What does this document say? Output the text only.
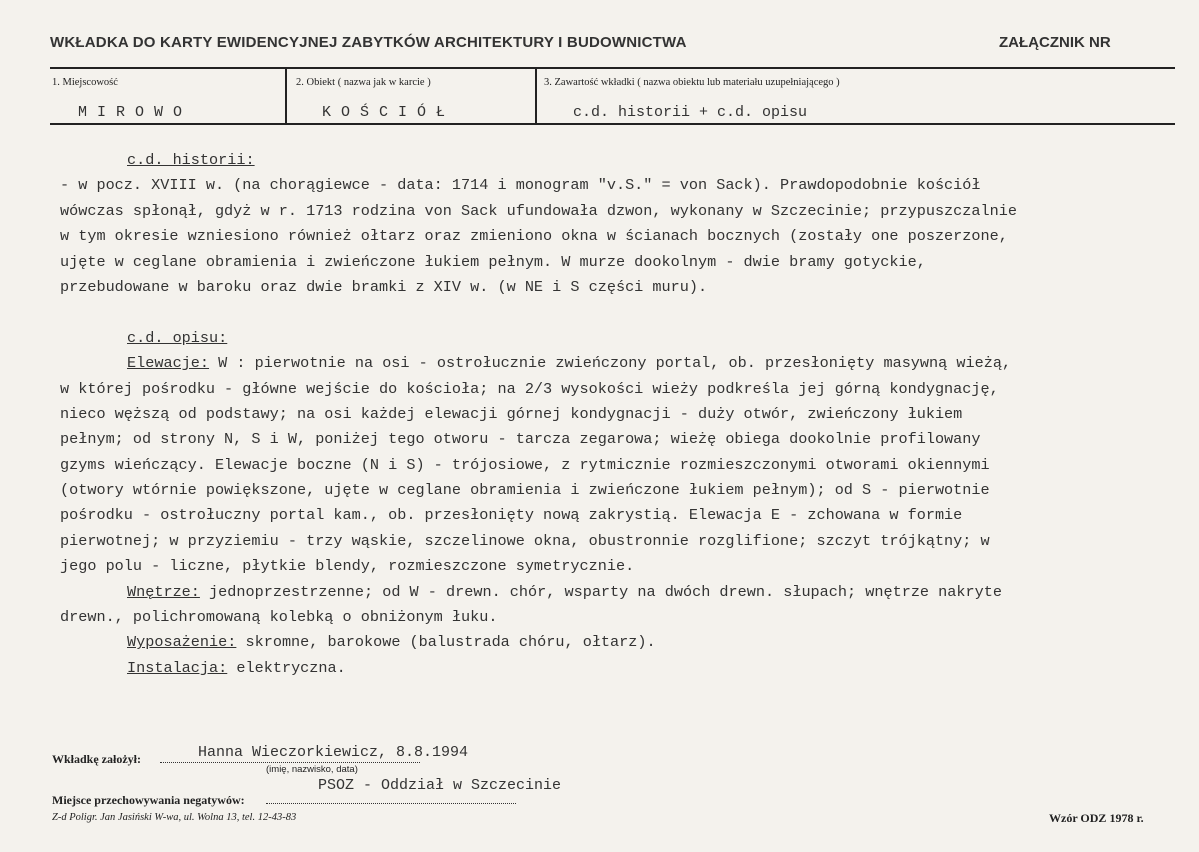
WKŁADKA DO KARTY EWIDENCYJNEJ ZABYTKÓW ARCHITEKTURY I BUDOWNICTWA	ZAŁĄCZNIK NR
1. Miejscowość	2. Obiekt ( nazwa jak w karcie )	3. Zawartość wkładki ( nazwa obiektu lub materiału uzupełniającego )
MIROWO	KOŚCIÓŁ	c.d. historii + c.d. opisu
c.d. historii:
- w pocz. XVIII w. (na chorągiewce - data: 1714 i monogram "v.S." = von Sack). Prawdopodobnie kościół
wówczas spłonął, gdyż w r. 1713 rodzina von Sack ufundowała dzwon, wykonany w Szczecinie; przypuszczalnie
w tym okresie wzniesiono również ołtarz oraz zmieniono okna w ścianach bocznych (zostały one poszerzone,
ujęte w ceglane obramienia i zwieńczone łukiem pełnym. W murze dookolnym - dwie bramy gotyckie,
przebudowane w baroku oraz dwie bramki z XIV w. (w NE i S części muru).
c.d. opisu:
Elewacje: W : pierwotnie na osi - ostrołucznie zwieńczony portal, ob. przesłonięty masywną wieżą,
w której pośrodku - główne wejście do kościoła; na 2/3 wysokości wieży podkreśla jej górną kondygnację,
nieco węższą od podstawy; na osi każdej elewacji górnej kondygnacji - duży otwór, zwieńczony łukiem
pełnym; od strony N, S i W, poniżej tego otworu - tarcza zegarowa; wieżę obiega dookolnie profilowany
gzyms wieńczący. Elewacje boczne (N i S) - trójosiowe, z rytmicznie rozmieszczonymi otworami okiennymi
(otwory wtórnie powiększone, ujęte w ceglane obramienia i zwieńczone łukiem pełnym); od S - pierwotnie
pośrodku - ostrołuczny portal kam., ob. przesłonięty nową zakrystią. Elewacja E - zchowana w formie
pierwotnej; w przyziemiu - trzy wąskie, szczelinowe okna, obustronnie rozglifione; szczyt trójkątny; w
jego polu - liczne, płytkie blendy, rozmieszczone symetrycznie.
Wnętrze: jednoprzestrzenne; od W - drewn. chór, wsparty na dwóch drewn. słupach; wnętrze nakryte
drewn., polichromowaną kolebką o obniżonym łuku.
Wyposażenie: skromne, barokowe (balustrada chóru, ołtarz).
Instalacja: elektryczna.
Wkładkę założył:	Hanna Wieczorkiewicz, 8.8.1994
(imię, nazwisko, data)
Miejsce przechowywania negatywów:
PSOZ - Oddział w Szczecinie
Z-d Poligr. Jan Jasiński W-wa, ul. Wolna 13, tel. 12-43-83	Wzór ODZ 1978 r.
